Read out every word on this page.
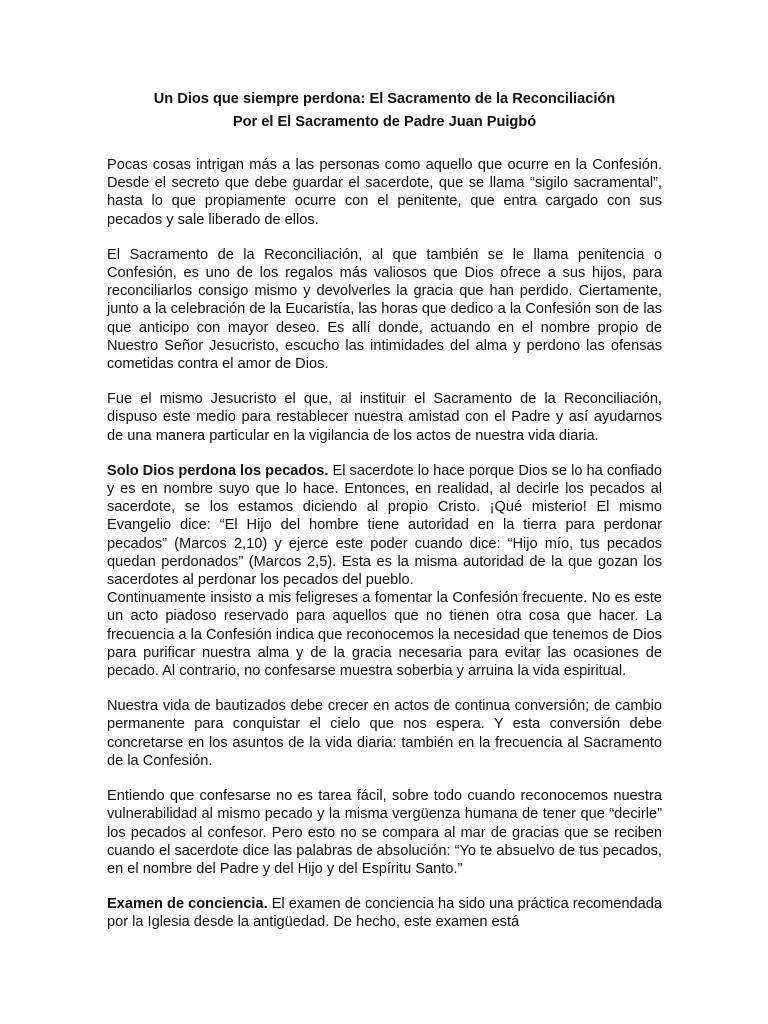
Un Dios que siempre perdona: El Sacramento de la Reconciliación
Por el El Sacramento de Padre Juan Puigbó

Pocas cosas intrigan más a las personas como aquello que ocurre en la Confesión. Desde el secreto que debe guardar el sacerdote, que se llama “sigilo sacramental”, hasta lo que propiamente ocurre con el penitente, que entra cargado con sus pecados y sale liberado de ellos.

El Sacramento de la Reconciliación, al que también se le llama penitencia o Confesión, es uno de los regalos más valiosos que Dios ofrece a sus hijos, para reconciliarlos consigo mismo y devolverles la gracia que han perdido. Ciertamente, junto a la celebración de la Eucaristía, las horas que dedico a la Confesión son de las que anticipo con mayor deseo. Es allí donde, actuando en el nombre propio de Nuestro Señor Jesucristo, escucho las intimidades del alma y perdono las ofensas cometidas contra el amor de Dios.

Fue el mismo Jesucristo el que, al instituir el Sacramento de la Reconciliación, dispuso este medio para restablecer nuestra amistad con el Padre y así ayudarnos de una manera particular en la vigilancia de los actos de nuestra vida diaria.

Solo Dios perdona los pecados. El sacerdote lo hace porque Dios se lo ha confiado y es en nombre suyo que lo hace. Entonces, en realidad, al decirle los pecados al sacerdote, se los estamos diciendo al propio Cristo. ¡Qué misterio! El mismo Evangelio dice: “El Hijo del hombre tiene autoridad en la tierra para perdonar pecados” (Marcos 2,10) y ejerce este poder cuando dice: “Hijo mío, tus pecados quedan perdonados” (Marcos 2,5). Esta es la misma autoridad de la que gozan los sacerdotes al perdonar los pecados del pueblo.

Continuamente insisto a mis feligreses a fomentar la Confesión frecuente. No es este un acto piadoso reservado para aquellos que no tienen otra cosa que hacer. La frecuencia a la Confesión indica que reconocemos la necesidad que tenemos de Dios para purificar nuestra alma y de la gracia necesaria para evitar las ocasiones de pecado. Al contrario, no confesarse muestra soberbia y arruina la vida espiritual.

Nuestra vida de bautizados debe crecer en actos de continua conversión; de cambio permanente para conquistar el cielo que nos espera. Y esta conversión debe concretarse en los asuntos de la vida diaria: también en la frecuencia al Sacramento de la Confesión.

Entiendo que confesarse no es tarea fácil, sobre todo cuando reconocemos nuestra vulnerabilidad al mismo pecado y la misma vergüenza humana de tener que “decirle” los pecados al confesor. Pero esto no se compara al mar de gracias que se reciben cuando el sacerdote dice las palabras de absolución: “Yo te absuelvo de tus pecados, en el nombre del Padre y del Hijo y del Espíritu Santo.”

Examen de conciencia. El examen de conciencia ha sido una práctica recomendada por la Iglesia desde la antigüedad. De hecho, este examen está
